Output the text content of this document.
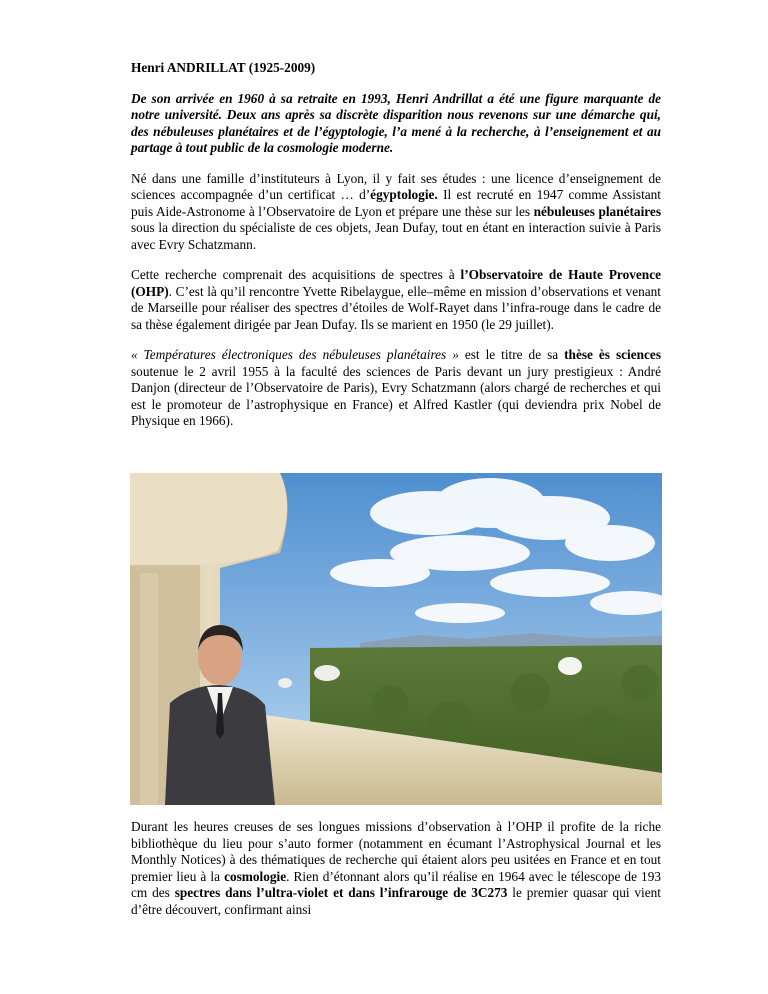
Henri ANDRILLAT (1925-2009)

De son arrivée en 1960 à sa retraite en 1993, Henri Andrillat a été une figure marquante de notre université. Deux ans après sa discrète disparition nous revenons sur une démarche qui, des nébuleuses planétaires et de l’égyptologie, l’a mené à la recherche, à l’enseignement et au partage à tout public de la cosmologie moderne.

Né dans une famille d’instituteurs à Lyon, il y fait ses études : une licence d’enseignement de sciences accompagnée d’un certificat … d’égyptologie. Il est recruté en 1947 comme Assistant puis Aide-Astronome à l’Observatoire de Lyon et prépare une thèse sur les nébuleuses planétaires sous la direction du spécialiste de ces objets, Jean Dufay, tout en étant en interaction suivie à Paris avec Evry Schatzmann.

Cette recherche comprenait des acquisitions de spectres à l’Observatoire de Haute Provence (OHP). C’est là qu’il rencontre Yvette Ribelaygue, elle–même en mission d’observations et venant de Marseille pour réaliser des spectres d’étoiles de Wolf-Rayet dans l’infra-rouge dans le cadre de sa thèse également dirigée par Jean Dufay. Ils se marient en 1950 (le 29 juillet).

« Températures électroniques des nébuleuses planétaires » est le titre de sa thèse ès sciences soutenue le 2 avril 1955 à la faculté des sciences de Paris devant un jury prestigieux : André Danjon (directeur de l’Observatoire de Paris), Evry Schatzmann (alors chargé de recherches et qui est le promoteur de l’astrophysique en France) et Alfred Kastler (qui deviendra prix Nobel de Physique en 1966).

Durant les heures creuses de ses longues missions d’observation à l’OHP il profite de la riche bibliothèque du lieu pour s’auto former (notamment en écumant l’Astrophysical Journal et les Monthly Notices) à des thématiques de recherche qui étaient alors peu usitées en France et en tout premier lieu à la cosmologie. Rien d’étonnant alors qu’il réalise en 1964 avec le télescope de 193 cm des spectres dans l’ultra-violet et dans l’infrarouge de 3C273 le premier quasar qui vient d’être découvert, confirmant ainsi
